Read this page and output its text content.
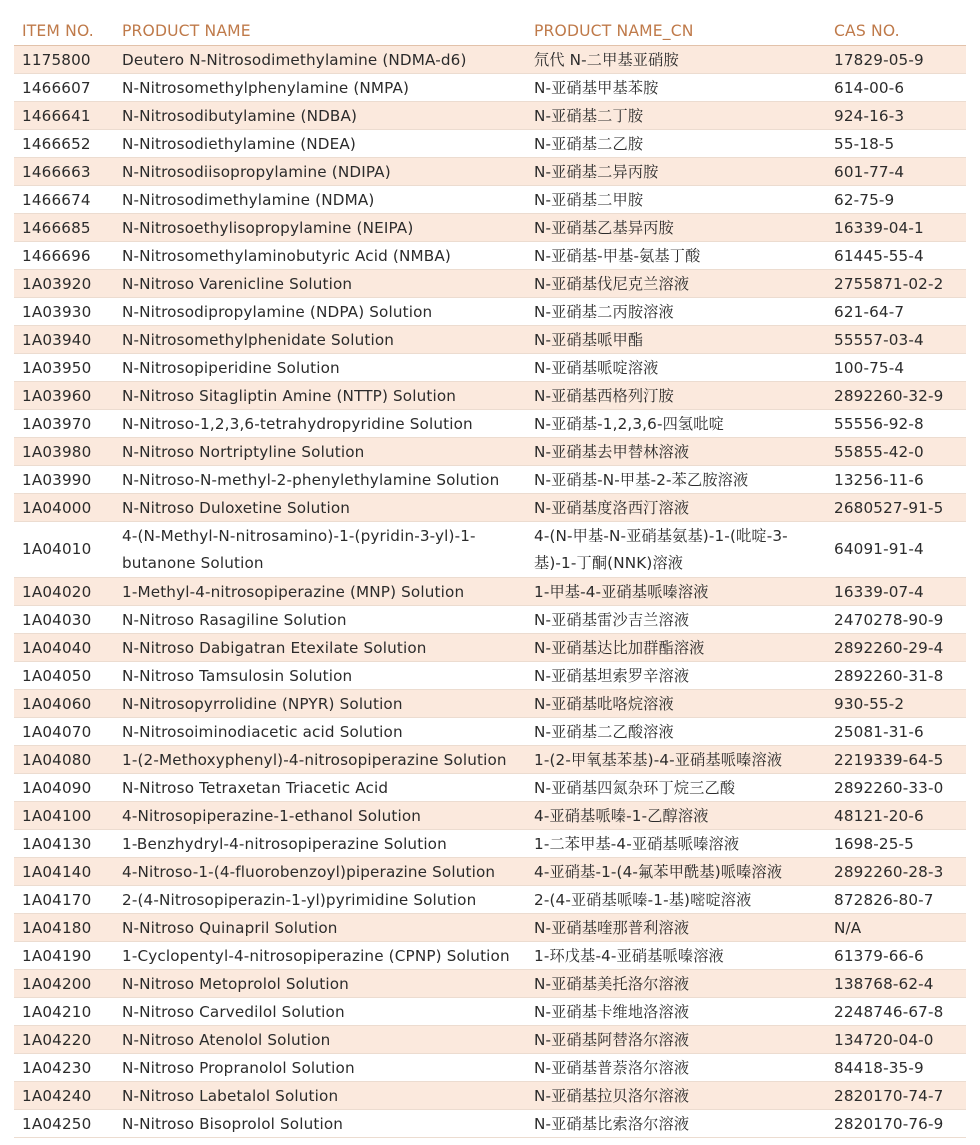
ITEM NO.	PRODUCT NAME	PRODUCT NAME_CN	CAS NO.
1175800	Deutero N-Nitrosodimethylamine (NDMA-d6)	氘代 N-二甲基亚硝胺	17829-05-9
1466607	N-Nitrosomethylphenylamine (NMPA)	N-亚硝基甲基苯胺	614-00-6
1466641	N-Nitrosodibutylamine (NDBA)	N-亚硝基二丁胺	924-16-3
1466652	N-Nitrosodiethylamine (NDEA)	N-亚硝基二乙胺	55-18-5
1466663	N-Nitrosodiisopropylamine (NDIPA)	N-亚硝基二异丙胺	601-77-4
1466674	N-Nitrosodimethylamine (NDMA)	N-亚硝基二甲胺	62-75-9
1466685	N-Nitrosoethylisopropylamine (NEIPA)	N-亚硝基乙基异丙胺	16339-04-1
1466696	N-Nitrosomethylaminobutyric Acid (NMBA)	N-亚硝基-甲基-氨基丁酸	61445-55-4
1A03920	N-Nitroso Varenicline Solution	N-亚硝基伐尼克兰溶液	2755871-02-2
1A03930	N-Nitrosodipropylamine (NDPA) Solution	N-亚硝基二丙胺溶液	621-64-7
1A03940	N-Nitrosomethylphenidate Solution	N-亚硝基哌甲酯	55557-03-4
1A03950	N-Nitrosopiperidine Solution	N-亚硝基哌啶溶液	100-75-4
1A03960	N-Nitroso Sitagliptin Amine (NTTP) Solution	N-亚硝基西格列汀胺	2892260-32-9
1A03970	N-Nitroso-1,2,3,6-tetrahydropyridine Solution	N-亚硝基-1,2,3,6-四氢吡啶	55556-92-8
1A03980	N-Nitroso Nortriptyline Solution	N-亚硝基去甲替林溶液	55855-42-0
1A03990	N-Nitroso-N-methyl-2-phenylethylamine Solution	N-亚硝基-N-甲基-2-苯乙胺溶液	13256-11-6
1A04000	N-Nitroso Duloxetine Solution	N-亚硝基度洛西汀溶液	2680527-91-5
1A04010	4-(N-Methyl-N-nitrosamino)-1-(pyridin-3-yl)-1-butanone Solution	4-(N-甲基-N-亚硝基氨基)-1-(吡啶-3-基)-1-丁酮(NNK)溶液	64091-91-4
1A04020	1-Methyl-4-nitrosopiperazine (MNP) Solution	1-甲基-4-亚硝基哌嗪溶液	16339-07-4
1A04030	N-Nitroso Rasagiline Solution	N-亚硝基雷沙吉兰溶液	2470278-90-9
1A04040	N-Nitroso Dabigatran Etexilate Solution	N-亚硝基达比加群酯溶液	2892260-29-4
1A04050	N-Nitroso Tamsulosin Solution	N-亚硝基坦索罗辛溶液	2892260-31-8
1A04060	N-Nitrosopyrrolidine (NPYR) Solution	N-亚硝基吡咯烷溶液	930-55-2
1A04070	N-Nitrosoiminodiacetic acid Solution	N-亚硝基二乙酸溶液	25081-31-6
1A04080	1-(2-Methoxyphenyl)-4-nitrosopiperazine Solution	1-(2-甲氧基苯基)-4-亚硝基哌嗪溶液	2219339-64-5
1A04090	N-Nitroso Tetraxetan Triacetic Acid	N-亚硝基四氮杂环丁烷三乙酸	2892260-33-0
1A04100	4-Nitrosopiperazine-1-ethanol Solution	4-亚硝基哌嗪-1-乙醇溶液	48121-20-6
1A04130	1-Benzhydryl-4-nitrosopiperazine Solution	1-二苯甲基-4-亚硝基哌嗪溶液	1698-25-5
1A04140	4-Nitroso-1-(4-fluorobenzoyl)piperazine Solution	4-亚硝基-1-(4-氟苯甲酰基)哌嗪溶液	2892260-28-3
1A04170	2-(4-Nitrosopiperazin-1-yl)pyrimidine Solution	2-(4-亚硝基哌嗪-1-基)嘧啶溶液	872826-80-7
1A04180	N-Nitroso Quinapril Solution	N-亚硝基喹那普利溶液	N/A
1A04190	1-Cyclopentyl-4-nitrosopiperazine (CPNP) Solution	1-环戊基-4-亚硝基哌嗪溶液	61379-66-6
1A04200	N-Nitroso Metoprolol Solution	N-亚硝基美托洛尔溶液	138768-62-4
1A04210	N-Nitroso Carvedilol Solution	N-亚硝基卡维地洛溶液	2248746-67-8
1A04220	N-Nitroso Atenolol Solution	N-亚硝基阿替洛尔溶液	134720-04-0
1A04230	N-Nitroso Propranolol Solution	N-亚硝基普萘洛尔溶液	84418-35-9
1A04240	N-Nitroso Labetalol Solution	N-亚硝基拉贝洛尔溶液	2820170-74-7
1A04250	N-Nitroso Bisoprolol Solution	N-亚硝基比索洛尔溶液	2820170-76-9
